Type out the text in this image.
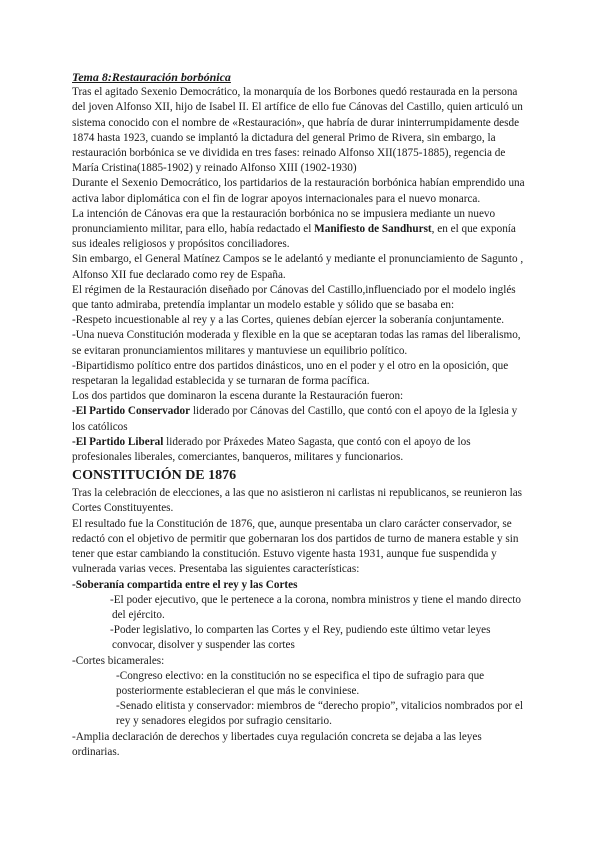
Tema 8:Restauración borbónica

Tras el agitado Sexenio Democrático, la monarquía de los Borbones quedó restaurada en la persona del joven Alfonso XII, hijo de Isabel II. El artífice de ello fue Cánovas del Castillo, quien articuló un sistema conocido con el nombre de «Restauración», que habría de durar ininterrumpidamente desde 1874 hasta 1923, cuando se implantó la dictadura del general Primo de Rivera, sin embargo, la restauración borbónica se ve dividida en tres fases: reinado Alfonso XII(1875-1885), regencia de María Cristina(1885-1902) y reinado Alfonso XIII (1902-1930)

Durante el Sexenio Democrático, los partidarios de la restauración borbónica habían emprendido una activa labor diplomática con el fin de lograr apoyos internacionales para el nuevo monarca.

La intención de Cánovas era que la restauración borbónica no se impusiera mediante un nuevo pronunciamiento militar, para ello, había redactado el Manifiesto de Sandhurst, en el que exponía sus ideales religiosos y propósitos conciliadores.

Sin embargo, el General Matínez Campos se le adelantó y mediante el pronunciamiento de Sagunto , Alfonso XII fue declarado como rey de España.

El régimen de la Restauración diseñado por Cánovas del Castillo,influenciado por el modelo inglés que tanto admiraba, pretendía implantar un modelo estable y sólido que se basaba en:

-Respeto incuestionable al rey y a las Cortes, quienes debían ejercer la soberanía conjuntamente.

-Una nueva Constitución moderada y flexible en la que se aceptaran todas las ramas del liberalismo, se evitaran pronunciamientos militares y mantuviese un equilibrio político.

-Bipartidismo político entre dos partidos dinásticos, uno en el poder y el otro en la oposición, que respetaran la legalidad establecida y se turnaran de forma pacífica.

Los dos partidos que dominaron la escena durante la Restauración fueron:

-El Partido Conservador liderado por Cánovas del Castillo, que contó con el apoyo de la Iglesia y los católicos

-El Partido Liberal liderado por Práxedes Mateo Sagasta, que contó con el apoyo de los profesionales liberales, comerciantes, banqueros, militares y funcionarios.

CONSTITUCIÓN DE 1876

Tras la celebración de elecciones, a las que no asistieron ni carlistas ni republicanos, se reunieron las Cortes Constituyentes.

El resultado fue la Constitución de 1876, que, aunque presentaba un claro carácter conservador, se redactó con el objetivo de permitir que gobernaran los dos partidos de turno de manera estable y sin tener que estar cambiando la constitución. Estuvo vigente hasta 1931, aunque fue suspendida y vulnerada varias veces. Presentaba las siguientes características:

-Soberanía compartida entre el rey y las Cortes

-El poder ejecutivo, que le pertenece a la corona, nombra ministros y tiene el mando directo del ejército.

-Poder legislativo, lo comparten las Cortes y el Rey, pudiendo este último vetar leyes convocar, disolver y suspender las cortes

-Cortes bicamerales:

-Congreso electivo: en la constitución no se especifica el tipo de sufragio para que posteriormente establecieran el que más le conviniese.

-Senado elitista y conservador: miembros de “derecho propio”, vitalicios nombrados por el rey y senadores elegidos por sufragio censitario.

-Amplia declaración de derechos y libertades cuya regulación concreta se dejaba a las leyes ordinarias.
